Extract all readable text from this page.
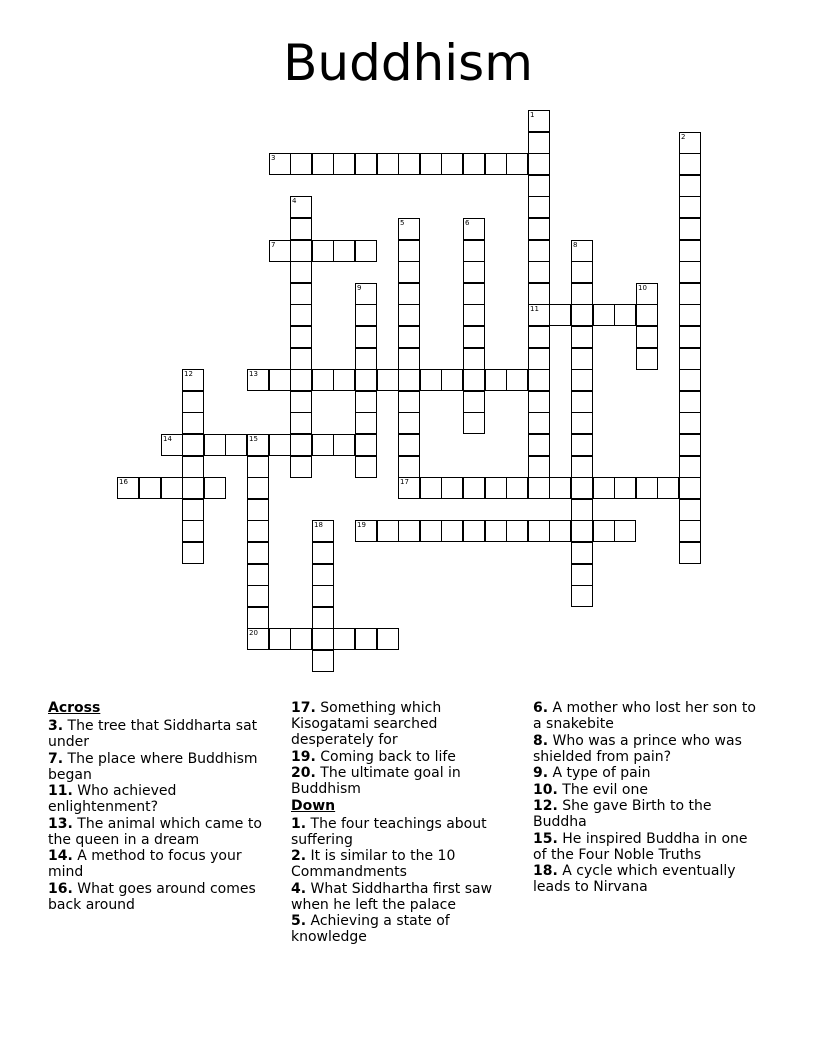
Buddhism
1
11
2
3
4
5
17
6
7	8
9	10
12	13
14	15
20
16
18	19
Across
3. The tree that Siddharta sat under
7. The place where Buddhism began
11. Who achieved enlightenment?
13. The animal which came to the queen in a dream
14. A method to focus your mind
16. What goes around comes back around
17. Something which Kisogatami searched desperately for
19. Coming back to life
20. The ultimate goal in Buddhism
Down
1. The four teachings about suffering
2. It is similar to the 10 Commandments
4. What Siddhartha first saw when he left the palace
5. Achieving a state of knowledge
6. A mother who lost her son to a snakebite
8. Who was a prince who was shielded from pain?
9. A type of pain
10. The evil one
12. She gave Birth to the Buddha
15. He inspired Buddha in one of the Four Noble Truths
18. A cycle which eventually leads to Nirvana
